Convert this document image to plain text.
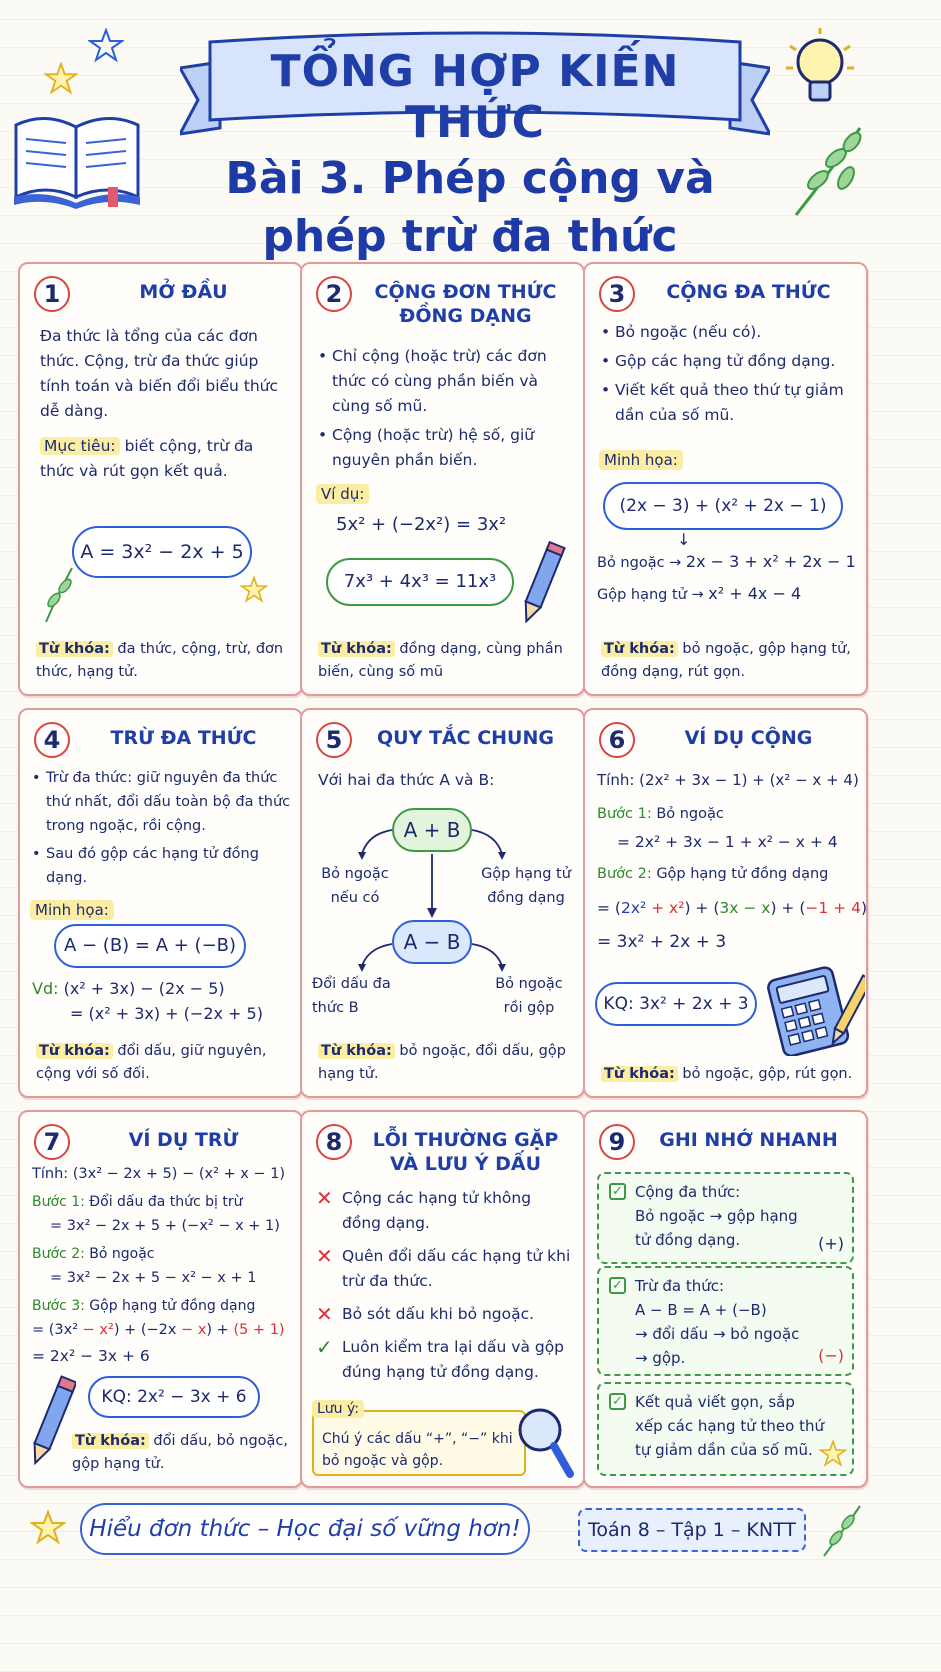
TỔNG HỢP KIẾN THỨC
Bài 3. Phép cộng và
phép trừ đa thức
1	MỞ ĐẦU
Đa thức là tổng của các đơn thức. Cộng, trừ đa thức giúp tính toán và biến đổi biểu thức dễ dàng.
Mục tiêu: biết cộng, trừ đa thức và rút gọn kết quả.
A = 3x² − 2x + 5
Từ khóa: đa thức, cộng, trừ, đơn thức, hạng tử.
2	CỘNG ĐƠN THỨC
ĐỒNG DẠNG
• Chỉ cộng (hoặc trừ) các đơn thức có cùng phần biến và cùng số mũ.
• Cộng (hoặc trừ) hệ số, giữ nguyên phần biến.
Ví dụ:
5x² + (−2x²) = 3x²
7x³ + 4x³ = 11x³
Từ khóa: đồng dạng, cùng phần biến, cùng số mũ
3	CỘNG ĐA THỨC
• Bỏ ngoặc (nếu có).
• Gộp các hạng tử đồng dạng.
• Viết kết quả theo thứ tự giảm dần của số mũ.
Minh họa:
(2x − 3) + (x² + 2x − 1)
↓
Bỏ ngoặc → 2x − 3 + x² + 2x − 1
Gộp hạng tử → x² + 4x − 4
Từ khóa: bỏ ngoặc, gộp hạng tử, đồng dạng, rút gọn.
4	TRỪ ĐA THỨC
• Trừ đa thức: giữ nguyên đa thức thứ nhất, đổi dấu toàn bộ đa thức trong ngoặc, rồi cộng.
• Sau đó gộp các hạng tử đồng dạng.
Minh họa:
A − (B) = A + (−B)
Vd: (x² + 3x) − (2x − 5)
= (x² + 3x) + (−2x + 5)
Từ khóa: đổi dấu, giữ nguyên, cộng với số đối.
5	QUY TẮC CHUNG
Với hai đa thức A và B:
A + B
A − B
Bỏ ngoặc nếu có
Gộp hạng tử đồng dạng
Đổi dấu đa thức B
Bỏ ngoặc rồi gộp
Từ khóa: bỏ ngoặc, đổi dấu, gộp hạng tử.
6	VÍ DỤ CỘNG
Tính: (2x² + 3x − 1) + (x² − x + 4)
Bước 1: Bỏ ngoặc
= 2x² + 3x − 1 + x² − x + 4
Bước 2: Gộp hạng tử đồng dạng
= (2x² + x²) + (3x − x) + (−1 + 4)
= 3x² + 2x + 3
KQ: 3x² + 2x + 3
Từ khóa: bỏ ngoặc, gộp, rút gọn.
7	VÍ DỤ TRỪ
Tính: (3x² − 2x + 5) − (x² + x − 1)
Bước 1: Đổi dấu đa thức bị trừ
= 3x² − 2x + 5 + (−x² − x + 1)
Bước 2: Bỏ ngoặc
= 3x² − 2x + 5 − x² − x + 1
Bước 3: Gộp hạng tử đồng dạng
= (3x² − x²) + (−2x − x) + (5 + 1)
= 2x² − 3x + 6
KQ: 2x² − 3x + 6
Từ khóa: đổi dấu, bỏ ngoặc, gộp hạng tử.
8	LỖI THƯỜNG GẶP
VÀ LƯU Ý DẤU
✕ Cộng các hạng tử không đồng dạng.
✕ Quên đổi dấu các hạng tử khi trừ đa thức.
✕ Bỏ sót dấu khi bỏ ngoặc.
✓ Luôn kiểm tra lại dấu và gộp đúng hạng tử đồng dạng.
Lưu ý:
Chú ý các dấu “+”, “−” khi bỏ ngoặc và gộp.
9	GHI NHỚ NHANH
✓ Cộng đa thức:
Bỏ ngoặc → gộp hạng tử đồng dạng.	(+)
✓ Trừ đa thức:
A − B = A + (−B)
→ đổi dấu → bỏ ngoặc
→ gộp.	(−)
✓ Kết quả viết gọn, sắp xếp các hạng tử theo thứ tự giảm dần của số mũ.
Hiểu đơn thức – Học đại số vững hơn!	Toán 8 – Tập 1 – KNTT
